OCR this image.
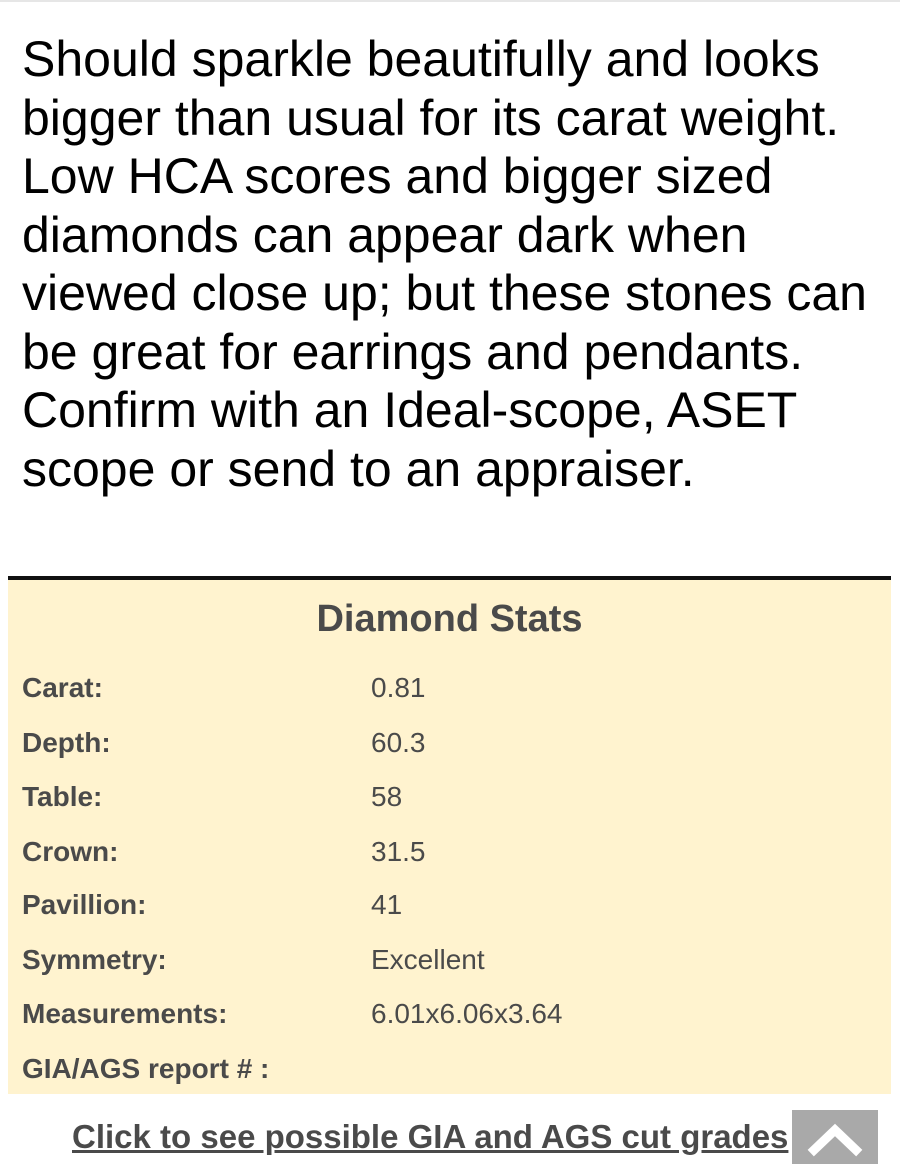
Should sparkle beautifully and looks bigger than usual for its carat weight. Low HCA scores and bigger sized diamonds can appear dark when viewed close up; but these stones can be great for earrings and pendants. Confirm with an Ideal-scope, ASET scope or send to an appraiser.

Diamond Stats
Carat:	0.81
Depth:	60.3
Table:	58
Crown:	31.5
Pavillion:	41
Symmetry:	Excellent
Measurements:	6.01x6.06x3.64
GIA/AGS report # :
Click to see possible GIA and AGS cut grades
